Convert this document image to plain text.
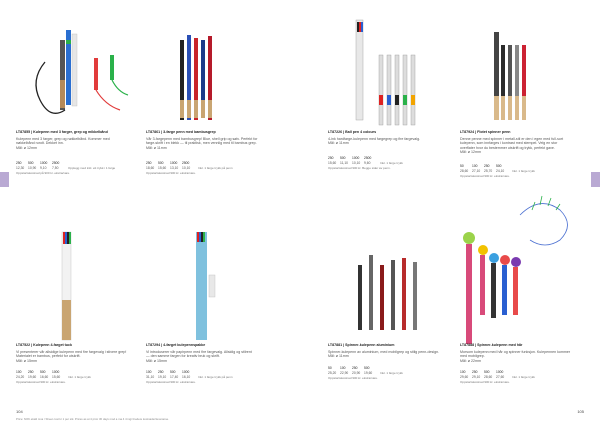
LT87855 | Kulepenn med 3 farger, grep og mikkelbånd
Kulepenn med 3 farger, grep og nøkkelbånd. Kommer med
nøkkelbånd rundt. Dekket inn.
Mål: ø 12mm
250 500 1000 2500
12,30 10,90 9,10 7,50	Opplegg med inkl. ett trykk i 1 farge
Oppstartskostnad på 900 kr. ekstra/vare.
LT87861 | 3-farge penn med bambusgrep
Vår 3-fargepenn med bambusgrep! Blue, shell grip og sølv. Perfekt for
farge-skrift i en blekk — til praktisk, men vennlig med til bambus grep.
Mål: ø 11mm
250 500 1000 2500
18,60 15,60 13,10 10,10	Inkl. 1 farge trykk på penn
Oppstartskostnad 900 kr. ekstra/vare.
LT87226 | Ball pen 4 colours
4-ink hardfarge-kulepenn med fargegrep og fire fargevalg.
Mål: ø 11mm
250 500 1000 2500
15,60 11,10 10,10 9,60	Inkl. 1 farge trykk
Oppstartskostnad 900 kr. Begge sider av penn.
LT87924 | Flotet spinner penn
Denne penne med spinner i metall-stil er den i egen med full-sort
kulepenn, som innfarges i kontrast med stempel. Velg en stor
overflater hvor du bestemmer utskrift og trykk, perfekt gave.
Mål: ø 12mm
50	100 250 500
28,60 27,10 25,70 24,10	Inkl. 1 farge trykk
Oppstartskostnad 900 kr. ekstra/vare.
LT87522 | Kulepenn 4-farget tuck
Vi presenterer vår allsidige kulepenn med fire fargevalg i stivere grep!
Materialet er bambus, perfekt for utskrift.
Mål: ø 15mm
100 250 500 1000
24,20 19,60 16,60 15,60	Inkl. 1 farge trykk
Oppstartskostnad 900 kr. ekstra/vare.
LT87294 | 4-farget kulepennspakke
Vi introduserer vår papirpenn med fire fargevalg. Allsidig og stilrent
— den samme fargen for kreativ bruk og skrift.
Mål: ø 15mm
100 250 500 1000
31,10 19,10 17,40 16,10	Inkl. 1 farge trykk på penn
Oppstartskostnad 900 kr. ekstra/vare.
LT87881 | Spinner-kulepenn aluminium
Spinner-kulepenn av aluminium, med mobilgrep og stilig penn-design.
Mål: ø 11mm
50	100 250 500
25,20 22,90 20,90 19,60	Inkl. 1 farge trykk
Oppstartskostnad 900 kr. ekstra/vare.
LT87888 | Spinner-kulepenn med hår
Morsom kulepenn med hår og spinner funksjon. Kulepennen kommer
med mobilgrep.
Mål: ø 22mm
100 250 500 1000
29,60 29,10 28,60 27,60	Inkl. 1 farge trykk
Oppstartskostnad 900 kr. ekstra/vare.
104	105
Price: NOK ekskl mva / Sheet cost kr 1 per stk. Prices as at 4 prior 30 days mod a ma 4 4 ingi bredere kostnader/leveranse.
